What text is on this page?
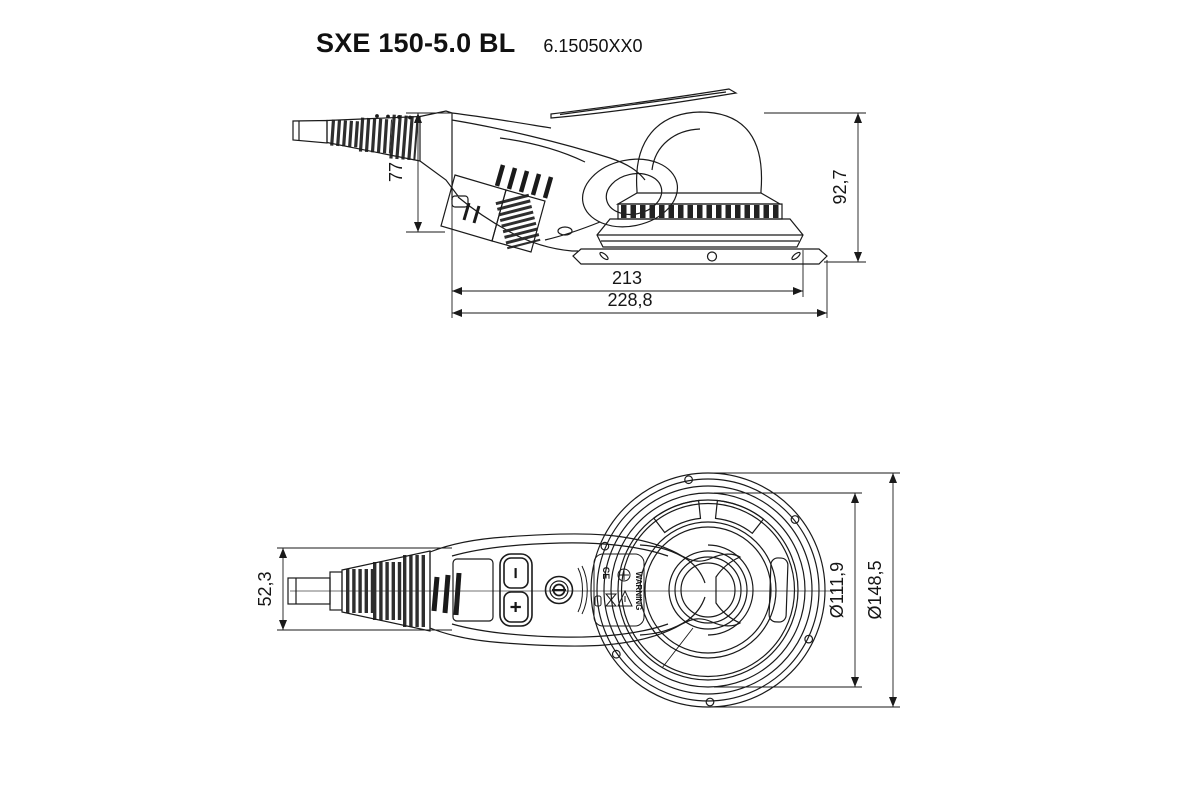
SXE 150-5.0 BL 6.15050XX0
77	92,7
213
228,8
−
+
CE	WARNING
52,3	Ø111,9 Ø148,5
